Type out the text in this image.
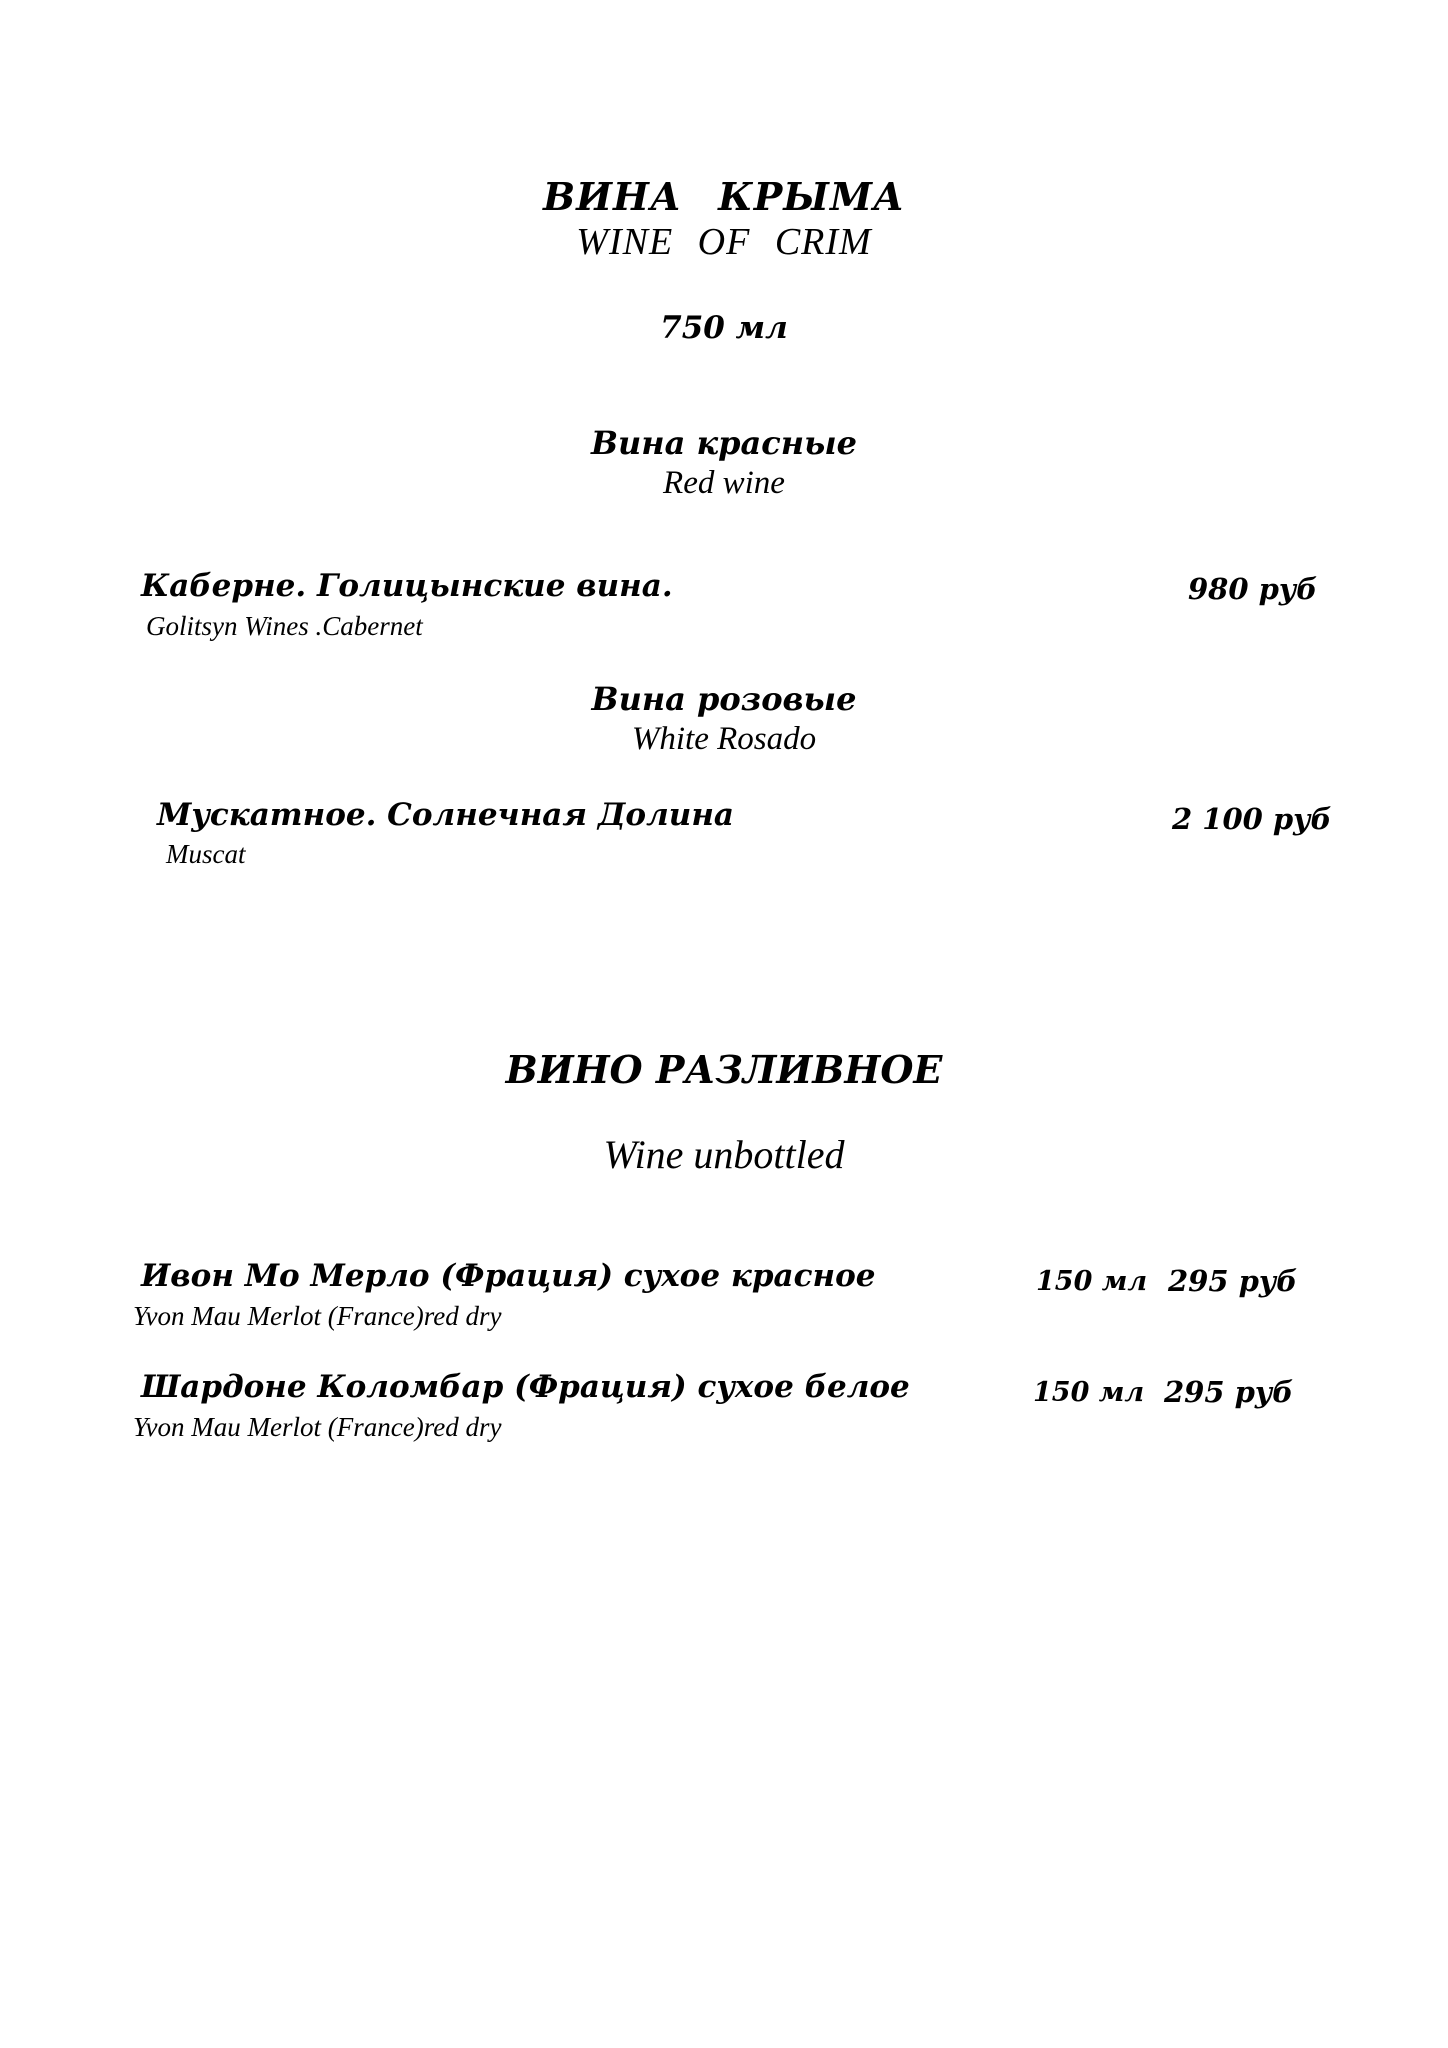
ВИНА КРЫМА
WINE OF CRIM
750 мл
Вина красные
Red wine
Каберне. Голицынские вина.
Golitsyn Wines .Cabernet
980 руб
Вина розовые
White Rosado
Мускатное. Солнечная Долина
Muscat
2 100 руб
ВИНО РАЗЛИВНОЕ
Wine unbottled
Ивон Мо Мерло (Фрация) сухое красное
Yvon Mau Merlot (France)red dry
150 мл 295 руб
Шардоне Коломбар (Фрация) сухое белое
Yvon Mau Merlot (France)red dry
150 мл 295 руб
